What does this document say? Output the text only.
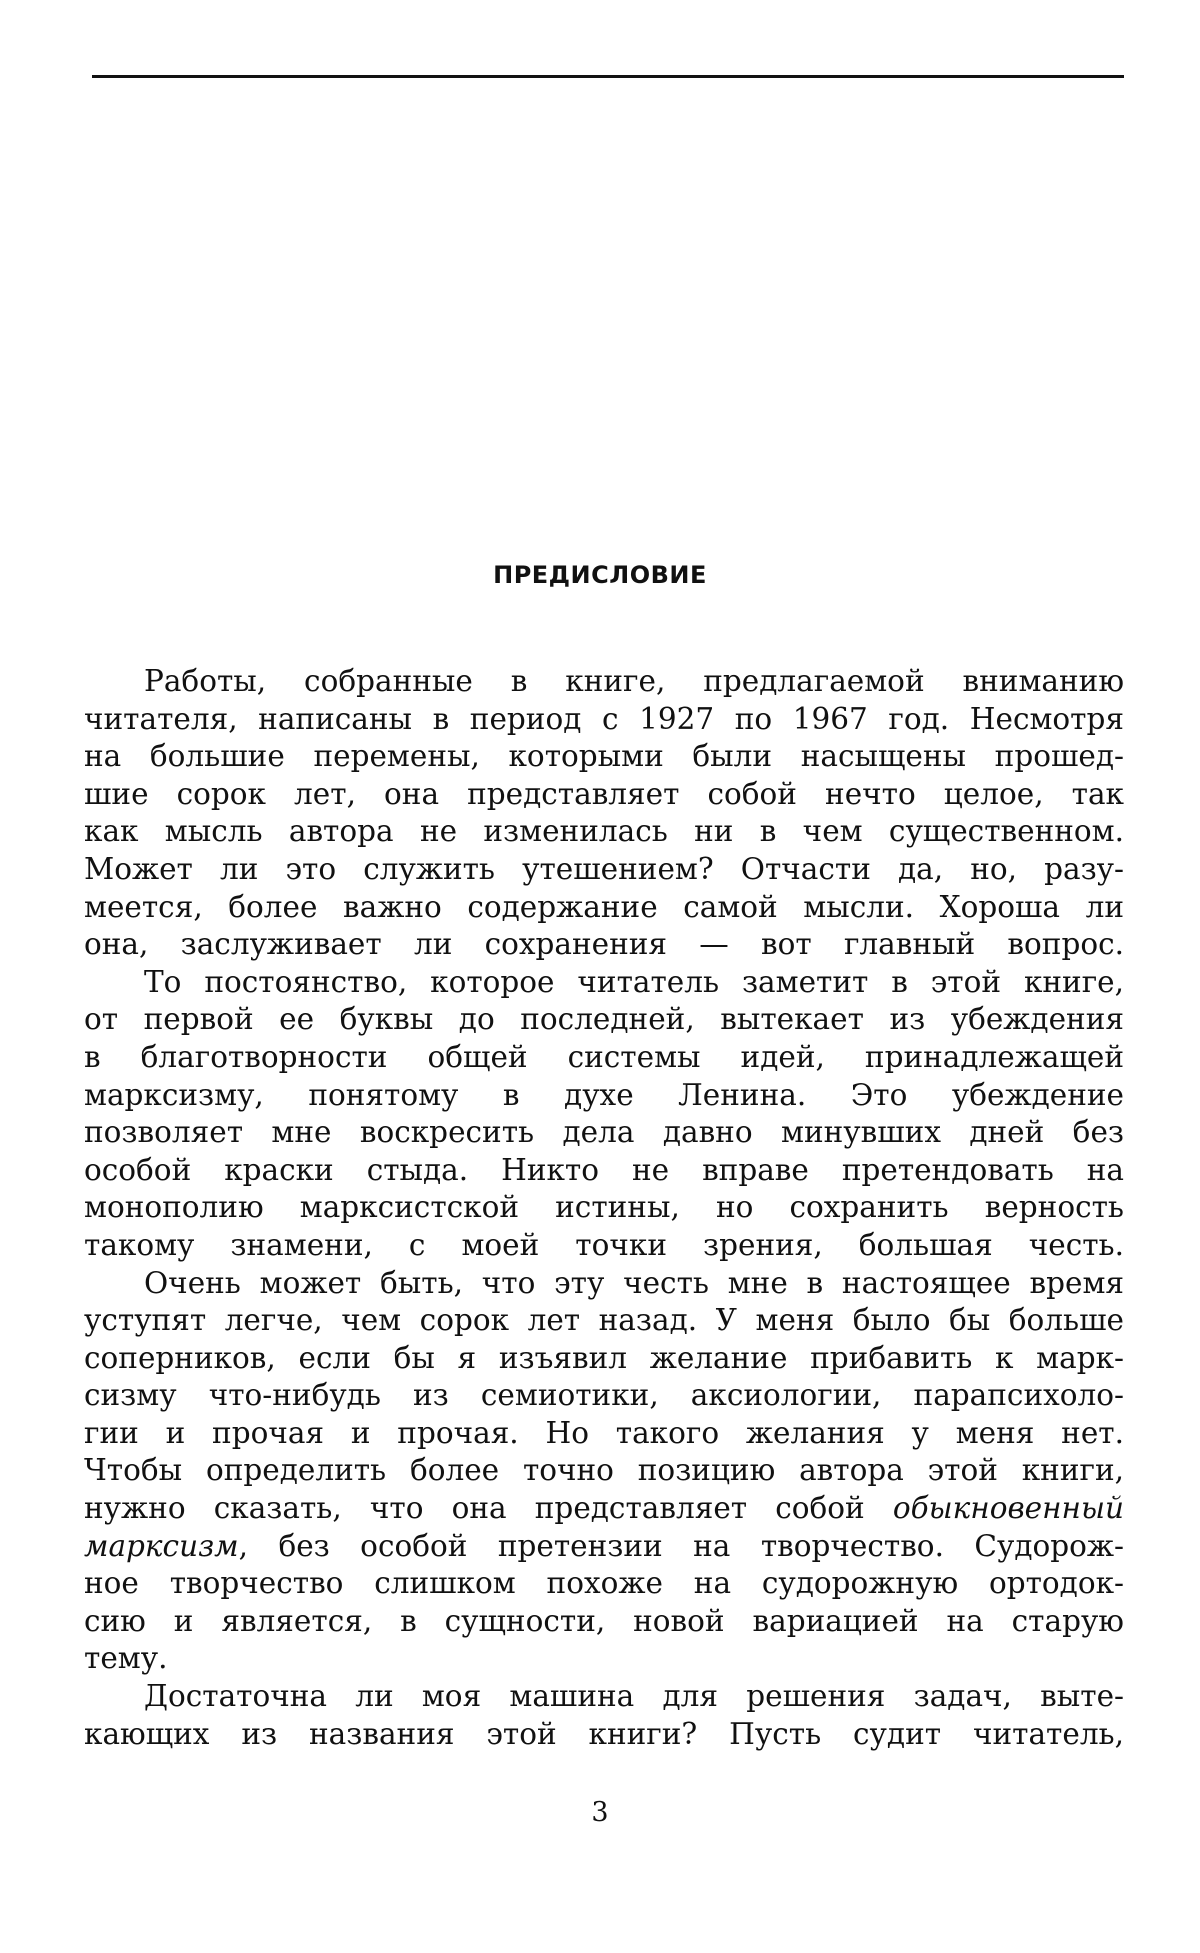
ПРЕДИСЛОВИЕ
Работы, собранные в книге, предлагаемой вниманию
читателя, написаны в период с 1927 по 1967 год. Несмотря
на большие перемены, которыми были насыщены прошед-
шие сорок лет, она представляет собой нечто целое, так
как мысль автора не изменилась ни в чем существенном.
Может ли это служить утешением? Отчасти да, но, разу-
меется, более важно содержание самой мысли. Хороша ли
она, заслуживает ли сохранения — вот главный вопрос.
То постоянство, которое читатель заметит в этой книге,
от первой ее буквы до последней, вытекает из убеждения
в благотворности общей системы идей, принадлежащей
марксизму, понятому в духе Ленина. Это убеждение
позволяет мне воскресить дела давно минувших дней без
особой краски стыда. Никто не вправе претендовать на
монополию марксистской истины, но сохранить верность
такому знамени, с моей точки зрения, большая честь.
Очень может быть, что эту честь мне в настоящее время
уступят легче, чем сорок лет назад. У меня было бы больше
соперников, если бы я изъявил желание прибавить к марк-
сизму что-нибудь из семиотики, аксиологии, парапсихоло-
гии и прочая и прочая. Но такого желания у меня нет.
Чтобы определить более точно позицию автора этой книги,
нужно сказать, что она представляет собой обыкновенный
марксизм, без особой претензии на творчество. Судорож-
ное творчество слишком похоже на судорожную ортодок-
сию и является, в сущности, новой вариацией на старую
тему.
Достаточна ли моя машина для решения задач, выте-
кающих из названия этой книги? Пусть судит читатель,
3
